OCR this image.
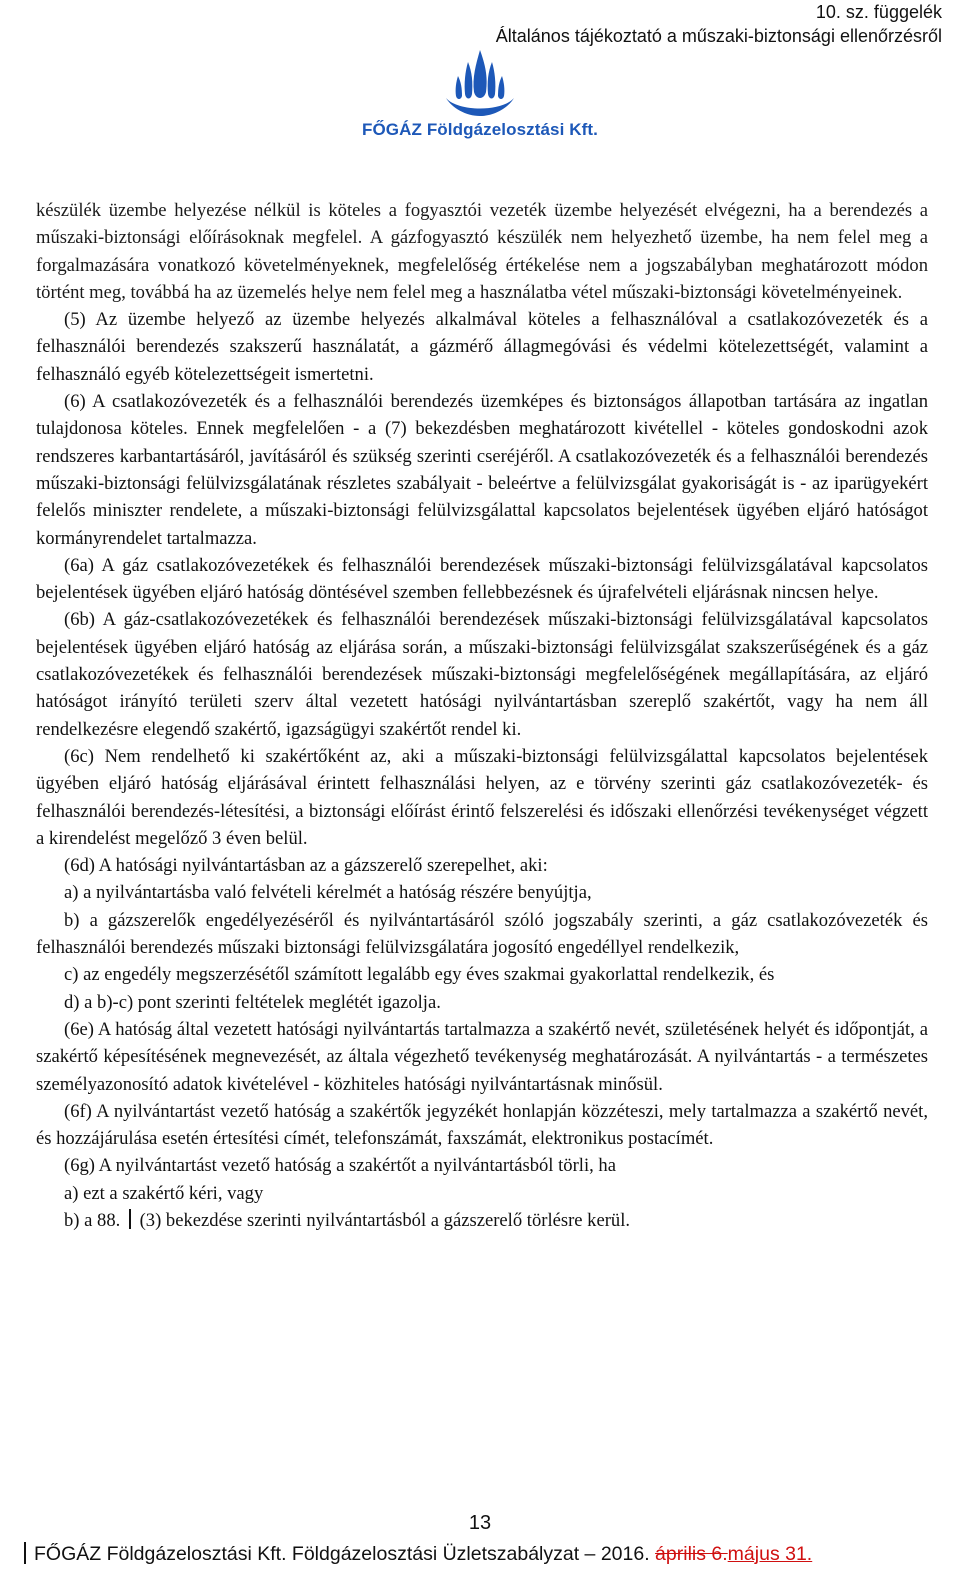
10. sz. függelék
Általános tájékoztató a műszaki-biztonsági ellenőrzésről
FŐGÁZ Földgázelosztási Kft.

készülék üzembe helyezése nélkül is köteles a fogyasztói vezeték üzembe helyezését elvégezni, ha a berendezés a műszaki-biztonsági előírásoknak megfelel. A gázfogyasztó készülék nem helyezhető üzembe, ha nem felel meg a forgalmazására vonatkozó követelményeknek, megfelelőség értékelése nem a jogszabályban meghatározott módon történt meg, továbbá ha az üzemelés helye nem felel meg a használatba vétel műszaki-biztonsági követelményeinek.

(5) Az üzembe helyező az üzembe helyezés alkalmával köteles a felhasználóval a csatlakozóvezeték és a felhasználói berendezés szakszerű használatát, a gázmérő állagmegóvási és védelmi kötelezettségét, valamint a felhasználó egyéb kötelezettségeit ismertetni.

(6) A csatlakozóvezeték és a felhasználói berendezés üzemképes és biztonságos állapotban tartására az ingatlan tulajdonosa köteles. Ennek megfelelően - a (7) bekezdésben meghatározott kivétellel - köteles gondoskodni azok rendszeres karbantartásáról, javításáról és szükség szerinti cseréjéről. A csatlakozóvezeték és a felhasználói berendezés műszaki-biztonsági felülvizsgálatának részletes szabályait - beleértve a felülvizsgálat gyakoriságát is - az iparügyekért felelős miniszter rendelete, a műszaki-biztonsági felülvizsgálattal kapcsolatos bejelentések ügyében eljáró hatóságot kormányrendelet tartalmazza.

(6a) A gáz csatlakozóvezetékek és felhasználói berendezések műszaki-biztonsági felülvizsgálatával kapcsolatos bejelentések ügyében eljáró hatóság döntésével szemben fellebbezésnek és újrafelvételi eljárásnak nincsen helye.

(6b) A gáz-csatlakozóvezetékek és felhasználói berendezések műszaki-biztonsági felülvizsgálatával kapcsolatos bejelentések ügyében eljáró hatóság az eljárása során, a műszaki-biztonsági felülvizsgálat szakszerűségének és a gáz csatlakozóvezetékek és felhasználói berendezések műszaki-biztonsági megfelelőségének megállapítására, az eljáró hatóságot irányító területi szerv által vezetett hatósági nyilvántartásban szereplő szakértőt, vagy ha nem áll rendelkezésre elegendő szakértő, igazságügyi szakértőt rendel ki.

(6c) Nem rendelhető ki szakértőként az, aki a műszaki-biztonsági felülvizsgálattal kapcsolatos bejelentések ügyében eljáró hatóság eljárásával érintett felhasználási helyen, az e törvény szerinti gáz csatlakozóvezeték- és felhasználói berendezés-létesítési, a biztonsági előírást érintő felszerelési és időszaki ellenőrzési tevékenységet végzett a kirendelést megelőző 3 éven belül.

(6d) A hatósági nyilvántartásban az a gázszerelő szerepelhet, aki:

a) a nyilvántartásba való felvételi kérelmét a hatóság részére benyújtja,

b) a gázszerelők engedélyezéséről és nyilvántartásáról szóló jogszabály szerinti, a gáz csatlakozóvezeték és felhasználói berendezés műszaki biztonsági felülvizsgálatára jogosító engedéllyel rendelkezik,

c) az engedély megszerzésétől számított legalább egy éves szakmai gyakorlattal rendelkezik, és

d) a b)-c) pont szerinti feltételek meglétét igazolja.

(6e) A hatóság által vezetett hatósági nyilvántartás tartalmazza a szakértő nevét, születésének helyét és időpontját, a szakértő képesítésének megnevezését, az általa végezhető tevékenység meghatározását. A nyilvántartás - a természetes személyazonosító adatok kivételével - közhiteles hatósági nyilvántartásnak minősül.

(6f) A nyilvántartást vezető hatóság a szakértők jegyzékét honlapján közzéteszi, mely tartalmazza a szakértő nevét, és hozzájárulása esetén értesítési címét, telefonszámát, faxszámát, elektronikus postacímét.

(6g) A nyilvántartást vezető hatóság a szakértőt a nyilvántartásból törli, ha

a) ezt a szakértő kéri, vagy

b) a 88. (3) bekezdése szerinti nyilvántartásból a gázszerelő törlésre kerül.

13
FŐGÁZ Földgázelosztási Kft. Földgázelosztási Üzletszabályzat – 2016. április 6.május 31.
